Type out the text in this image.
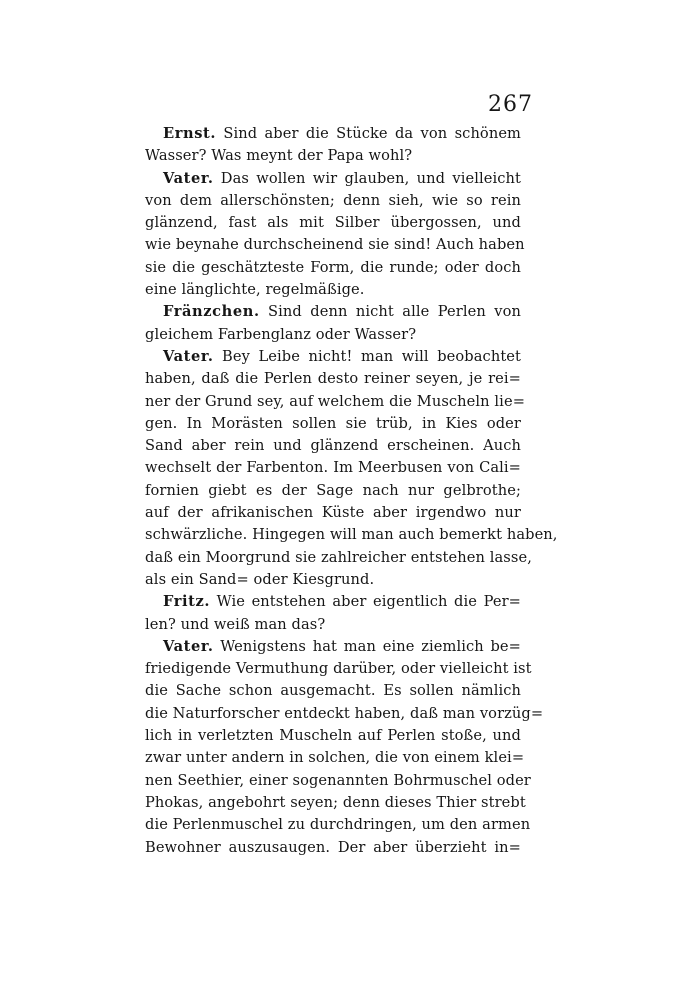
267
Ernst. Sind aber die Stücke da von schönem
Wasser? Was meynt der Papa wohl?
Vater. Das wollen wir glauben, und vielleicht
von dem allerschönsten; denn sieh, wie so rein
glänzend, fast als mit Silber übergossen, und
wie beynahe durchscheinend sie sind! Auch haben
sie die geschätzteste Form, die runde; oder doch
eine länglichte, regelmäßige.
Fränzchen. Sind denn nicht alle Perlen von
gleichem Farbenglanz oder Wasser?
Vater. Bey Leibe nicht! man will beobachtet
haben, daß die Perlen desto reiner seyen, je rei=
ner der Grund sey, auf welchem die Muscheln lie=
gen. In Morästen sollen sie trüb, in Kies oder
Sand aber rein und glänzend erscheinen. Auch
wechselt der Farbenton. Im Meerbusen von Cali=
fornien giebt es der Sage nach nur gelbrothe;
auf der afrikanischen Küste aber irgendwo nur
schwärzliche. Hingegen will man auch bemerkt haben,
daß ein Moorgrund sie zahlreicher entstehen lasse,
als ein Sand= oder Kiesgrund.
Fritz. Wie entstehen aber eigentlich die Per=
len? und weiß man das?
Vater. Wenigstens hat man eine ziemlich be=
friedigende Vermuthung darüber, oder vielleicht ist
die Sache schon ausgemacht. Es sollen nämlich
die Naturforscher entdeckt haben, daß man vorzüg=
lich in verletzten Muscheln auf Perlen stoße, und
zwar unter andern in solchen, die von einem klei=
nen Seethier, einer sogenannten Bohrmuschel oder
Phokas, angebohrt seyen; denn dieses Thier strebt
die Perlenmuschel zu durchdringen, um den armen
Bewohner auszusaugen. Der aber überzieht in=
